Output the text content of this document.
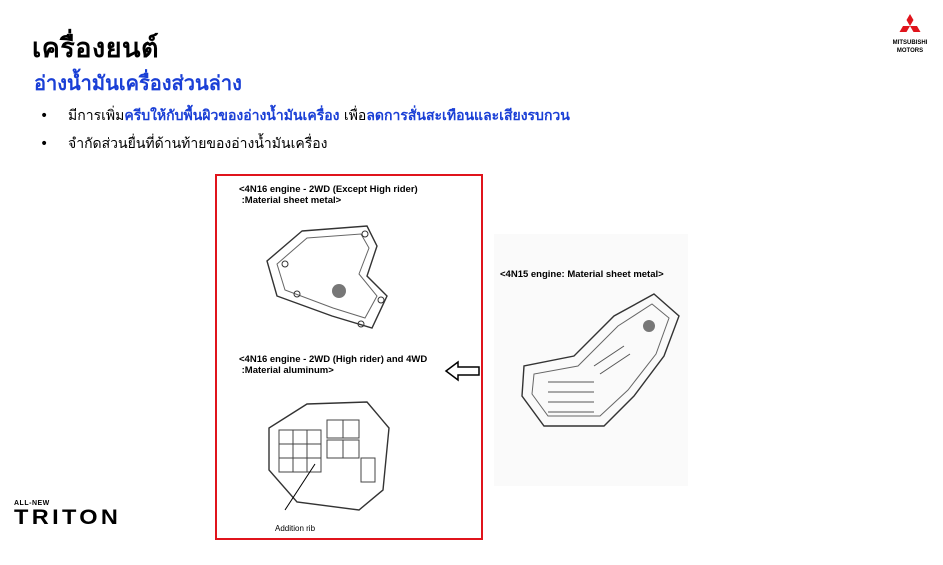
เครื่องยนต์
อ่างน้ำมันเครื่องส่วนล่าง
• มีการเพิ่มครีบให้กับพื้นผิวของอ่างน้ำมันเครื่อง เพื่อลดการสั่นสะเทือนและเสียงรบกวน
• จำกัดส่วนยื่นที่ด้านท้ายของอ่างน้ำมันเครื่อง
MITSUBISHI
MOTORS
ALL-NEW
TRITON
<4N16 engine - 2WD (Except High rider)
:Material sheet metal>
<4N16 engine - 2WD (High rider) and 4WD
:Material aluminum>
Addition rib
<4N15 engine: Material sheet metal>
